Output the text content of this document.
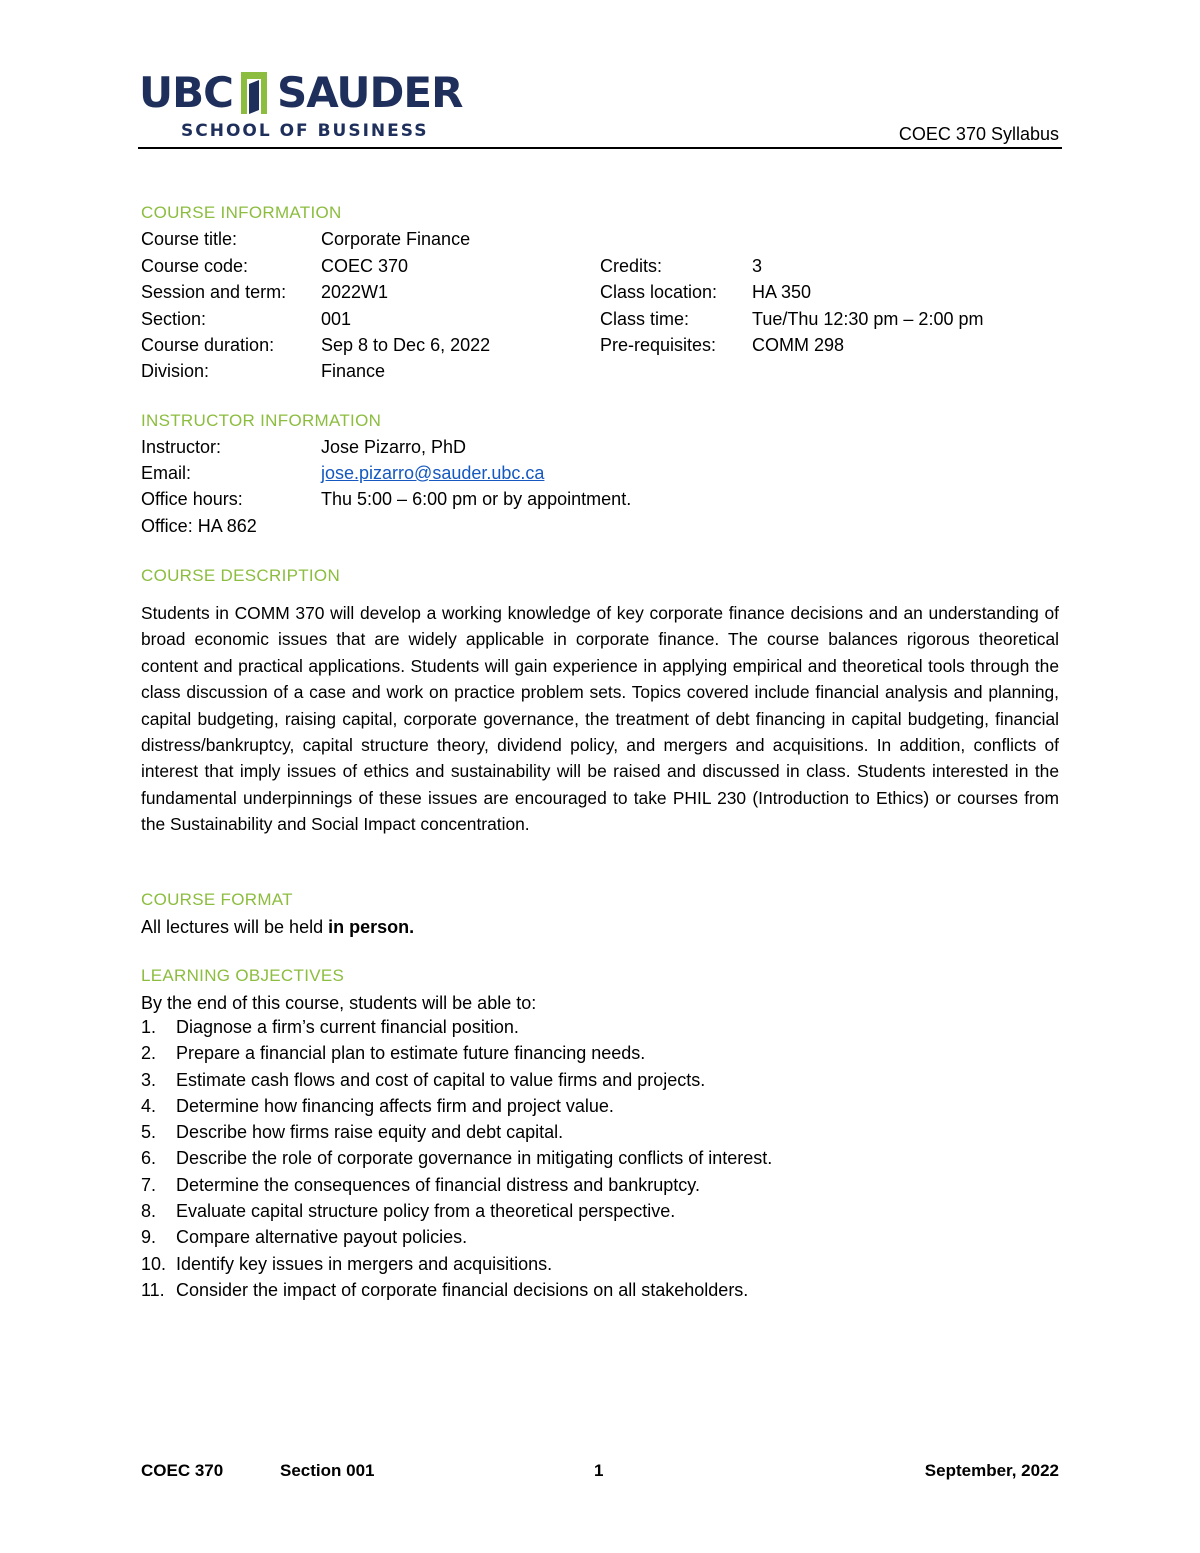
UBC SAUDER
SCHOOL OF BUSINESS	COEC 370 Syllabus
COURSE INFORMATION
Course title:	Corporate Finance
Course code:	COEC 370	Credits:	3
Session and term: 2022W1	Class location: HA 350
Section:	001	Class time:	Tue/Thu 12:30 pm – 2:00 pm
Course duration:	Sep 8 to Dec 6, 2022	Pre-requisites: COMM 298
Division:	Finance
INSTRUCTOR INFORMATION
Instructor:	Jose Pizarro, PhD
Email:	jose.pizarro@sauder.ubc.ca
Office hours:	Thu 5:00 – 6:00 pm or by appointment.
Office: HA 862
COURSE DESCRIPTION
Students in COMM 370 will develop a working knowledge of key corporate finance decisions and an understanding of broad economic issues that are widely applicable in corporate finance. The course balances rigorous theoretical content and practical applications. Students will gain experience in applying empirical and theoretical tools through the class discussion of a case and work on practice problem sets. Topics covered include financial analysis and planning, capital budgeting, raising capital, corporate governance, the treatment of debt financing in capital budgeting, financial distress/bankruptcy, capital structure theory, dividend policy, and mergers and acquisitions. In addition, conflicts of interest that imply issues of ethics and sustainability will be raised and discussed in class. Students interested in the fundamental underpinnings of these issues are encouraged to take PHIL 230 (Introduction to Ethics) or courses from the Sustainability and Social Impact concentration.
COURSE FORMAT
All lectures will be held in person.
LEARNING OBJECTIVES
By the end of this course, students will be able to:
1. Diagnose a firm’s current financial position.
2. Prepare a financial plan to estimate future financing needs.
3. Estimate cash flows and cost of capital to value firms and projects.
4. Determine how financing affects firm and project value.
5. Describe how firms raise equity and debt capital.
6. Describe the role of corporate governance in mitigating conflicts of interest.
7. Determine the consequences of financial distress and bankruptcy.
8. Evaluate capital structure policy from a theoretical perspective.
9. Compare alternative payout policies.
10. Identify key issues in mergers and acquisitions.
11. Consider the impact of corporate financial decisions on all stakeholders.
COEC 370	Section 001	1	September, 2022
